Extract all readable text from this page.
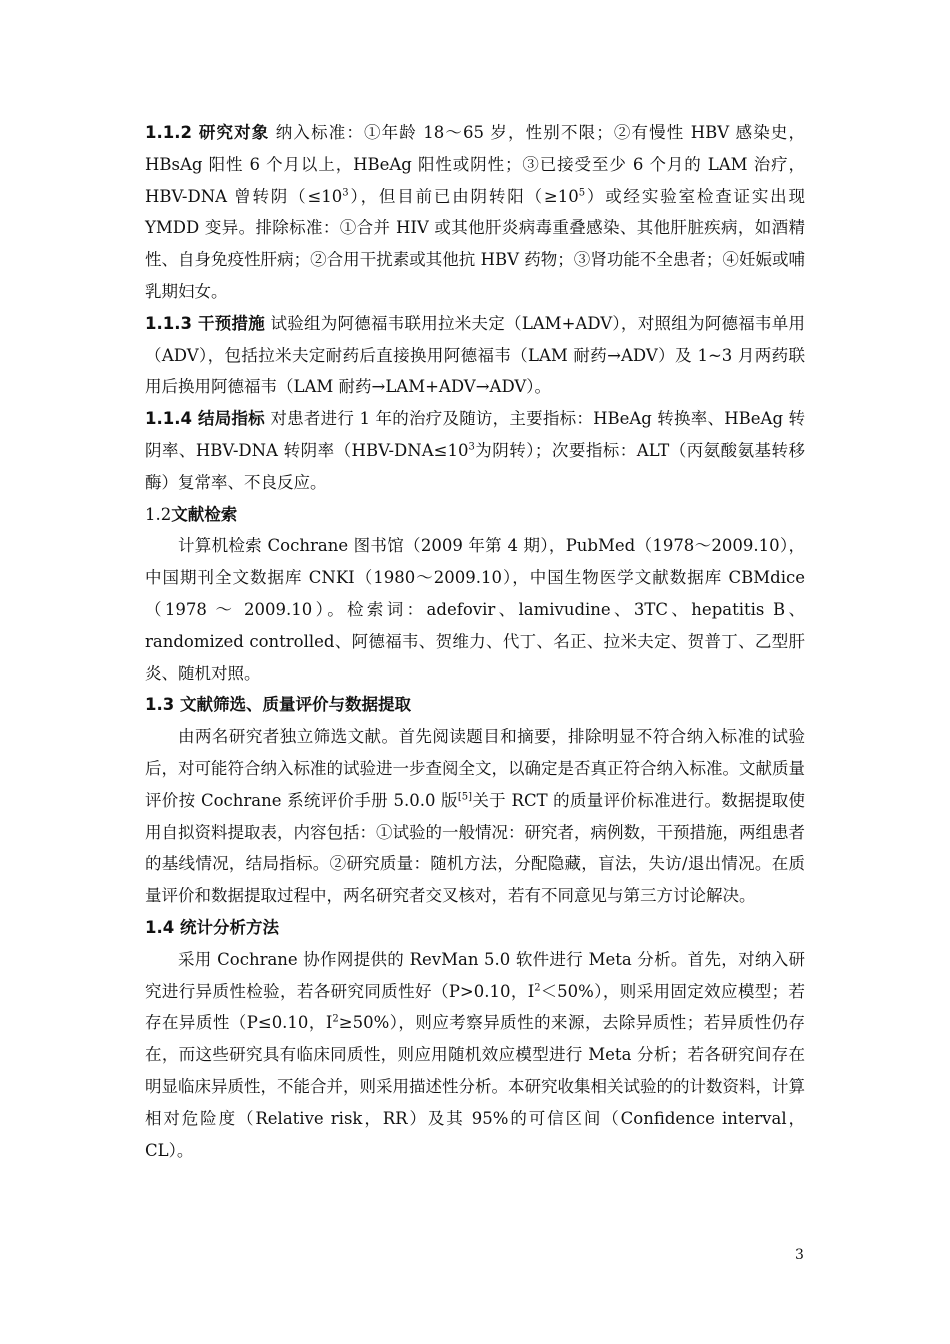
1.1.2 研究对象 纳入标准：①年龄 18～65 岁，性别不限；②有慢性 HBV 感染史，HBsAg 阳性 6 个月以上，HBeAg 阳性或阴性；③已接受至少 6 个月的 LAM 治疗，HBV-DNA 曾转阴$(\le 10^3)$，但目前已由阴转阳$(\ge 10^5)$或经实验室检查证实出现 YMDD 变异。排除标准：①合并 HIV 或其他肝炎病毒重叠感染、其他肝脏疾病，如酒精性、自身免疫性肝病；②合用干扰素或其他抗 HBV 药物；③肾功能不全患者；④妊娠或哺乳期妇女。

1.1.3 干预措施 试验组为阿德福韦联用拉米夫定（LAM+ADV），对照组为阿德福韦单用（ADV），包括拉米夫定耐药后直接换用阿德福韦（LAM 耐药→ADV）及 1~3 月两药联用后换用阿德福韦（LAM 耐药→LAM+ADV→ADV）。

1.1.4 结局指标 对患者进行 1 年的治疗及随访，主要指标：HBeAg 转换率、HBeAg 转阴率、HBV-DNA 转阴率（$HBV-DNA\le 10^3$为阴转）；次要指标：ALT（丙氨酸氨基转移酶）复常率、不良反应。

1.2文献检索

计算机检索 Cochrane 图书馆（2009 年第 4 期），PubMed（1978～2009.10），中国期刊全文数据库 CNKI（1980～2009.10），中国生物医学文献数据库 CBMdice（1978 ～ 2009.10）。检索词：adefovir、lamivudine、3TC、hepatitis B、randomized controlled、阿德福韦、贺维力、代丁、名正、拉米夫定、贺普丁、乙型肝炎、随机对照。

1.3 文献筛选、质量评价与数据提取

由两名研究者独立筛选文献。首先阅读题目和摘要，排除明显不符合纳入标准的试验后，对可能符合纳入标准的试验进一步查阅全文，以确定是否真正符合纳入标准。文献质量评价按 Cochrane 系统评价手册 5.0.0 版[5]关于 RCT 的质量评价标准进行。数据提取使用自拟资料提取表，内容包括：①试验的一般情况：研究者，病例数，干预措施，两组患者的基线情况，结局指标。②研究质量：随机方法，分配隐藏，盲法，失访/退出情况。在质量评价和数据提取过程中，两名研究者交叉核对，若有不同意见与第三方讨论解决。

1.4 统计分析方法

采用 Cochrane 协作网提供的 RevMan 5.0 软件进行 Meta 分析。首先，对纳入研究进行异质性检验，若各研究同质性好（P>0.10，$I^2<50\%$），则采用固定效应模型；若存在异质性（P≤0.10，$I^2\ge 50\%$），则应考察异质性的来源，去除异质性；若异质性仍存在，而这些研究具有临床同质性，则应用随机效应模型进行 Meta 分析；若各研究间存在明显临床异质性，不能合并，则采用描述性分析。本研究收集相关试验的的计数资料，计算相对危险度（Relative risk，RR）及其 95%的可信区间（Confidence interval，CL）。

3
